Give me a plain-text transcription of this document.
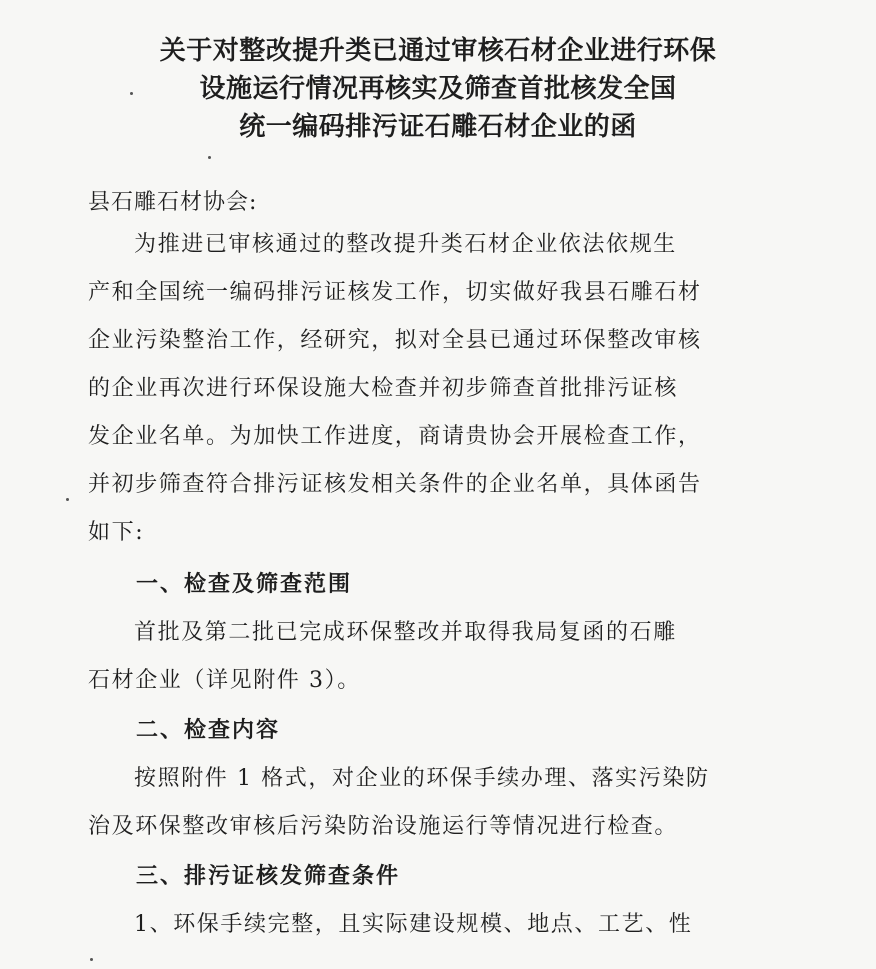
关于对整改提升类已通过审核石材企业进行环保
设施运行情况再核实及筛查首批核发全国
统一编码排污证石雕石材企业的函
县石雕石材协会:
为推进已审核通过的整改提升类石材企业依法依规生
产和全国统一编码排污证核发工作，切实做好我县石雕石材
企业污染整治工作，经研究，拟对全县已通过环保整改审核
的企业再次进行环保设施大检查并初步筛查首批排污证核
发企业名单。为加快工作进度，商请贵协会开展检查工作，
并初步筛查符合排污证核发相关条件的企业名单，具体函告
如下:
一、检查及筛查范围
首批及第二批已完成环保整改并取得我局复函的石雕
石材企业（详见附件 3）。
二、检查内容
按照附件 1 格式，对企业的环保手续办理、落实污染防
治及环保整改审核后污染防治设施运行等情况进行检查。
三、排污证核发筛查条件
1、环保手续完整，且实际建设规模、地点、工艺、性
